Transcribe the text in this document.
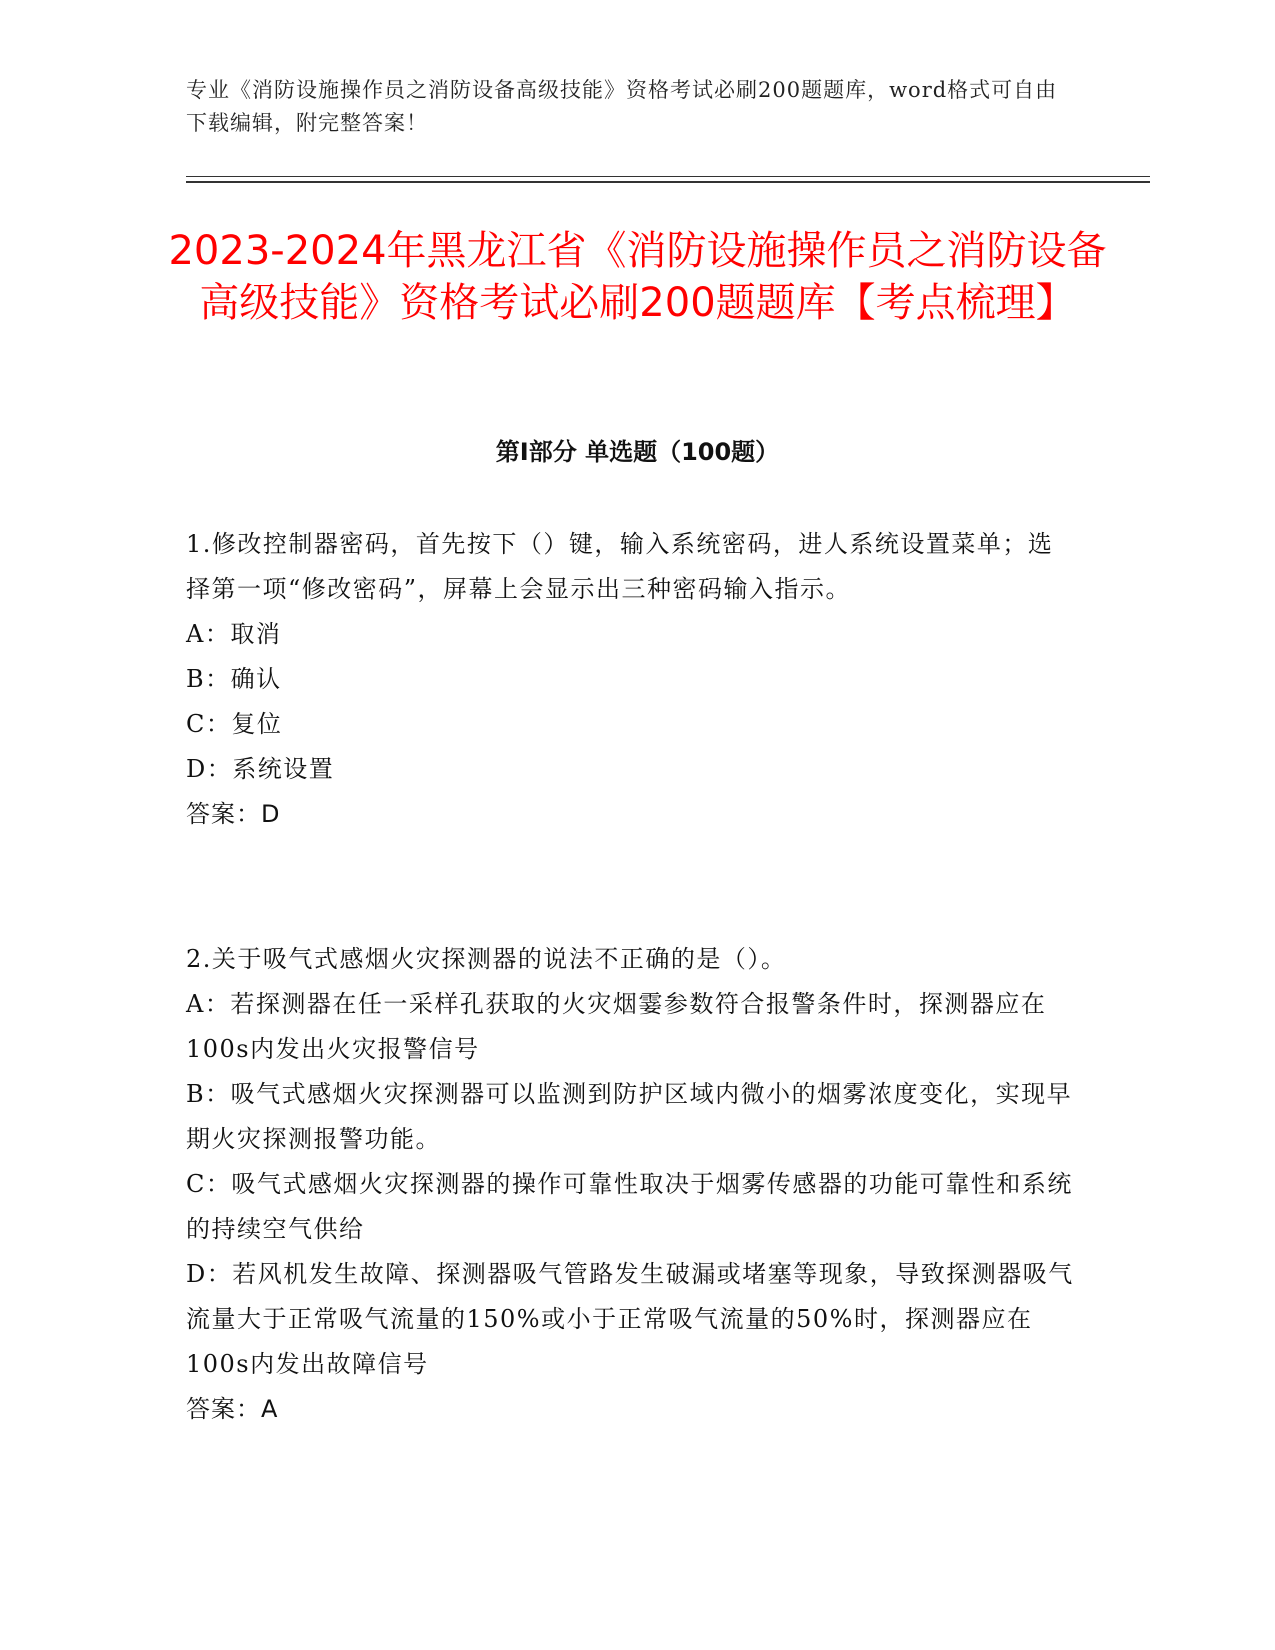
专业《消防设施操作员之消防设备高级技能》资格考试必刷200题题库，word格式可自由下载编辑，附完整答案！
2023-2024年黑龙江省《消防设施操作员之消防设备高级技能》资格考试必刷200题题库【考点梳理】
第Ⅰ部分 单选题（100题）
1.修改控制器密码，首先按下（）键，输入系统密码，进人系统设置菜单；选择第一项“修改密码”，屏幕上会显示出三种密码输入指示。
A：取消
B：确认
C：复位
D：系统设置
答案：D
2.关于吸气式感烟火灾探测器的说法不正确的是（）。
A：若探测器在任一采样孔获取的火灾烟霎参数符合报警条件时，探测器应在100s内发出火灾报警信号
B：吸气式感烟火灾探测器可以监测到防护区域内微小的烟雾浓度变化，实现早期火灾探测报警功能。
C：吸气式感烟火灾探测器的操作可靠性取决于烟雾传感器的功能可靠性和系统的持续空气供给
D：若风机发生故障、探测器吸气管路发生破漏或堵塞等现象，导致探测器吸气流量大于正常吸气流量的150%或小于正常吸气流量的50%时，探测器应在100s内发出故障信号
答案：A
